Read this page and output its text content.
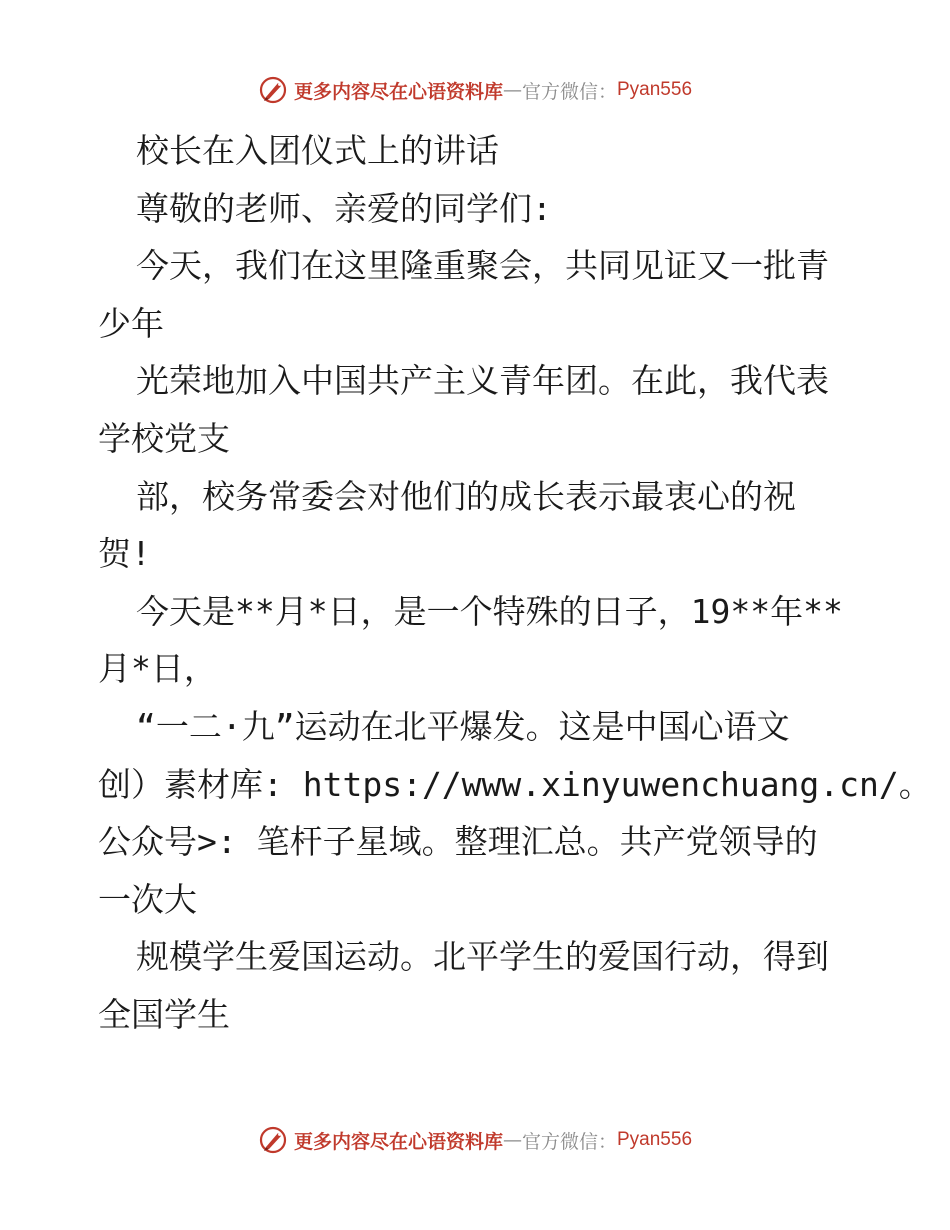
更多内容尽在心语资料库 — 官方微信： Pyan556
校长在入团仪式上的讲话
尊敬的老师、亲爱的同学们:
今天，我们在这里隆重聚会，共同见证又一批青
少年
光荣地加入中国共产主义青年团。在此，我代表
学校党支
部，校务常委会对他们的成长表示最衷心的祝
贺!
今天是**月*日，是一个特殊的日子，19**年**
月*日，
“一二·九”运动在北平爆发。这是中国心语文
创）素材库: https://www.xinyuwenchuang.cn/。
公众号>: 笔杆子星域。整理汇总。共产党领导的
一次大
规模学生爱国运动。北平学生的爱国行动，得到
全国学生
更多内容尽在心语资料库 — 官方微信： Pyan556
